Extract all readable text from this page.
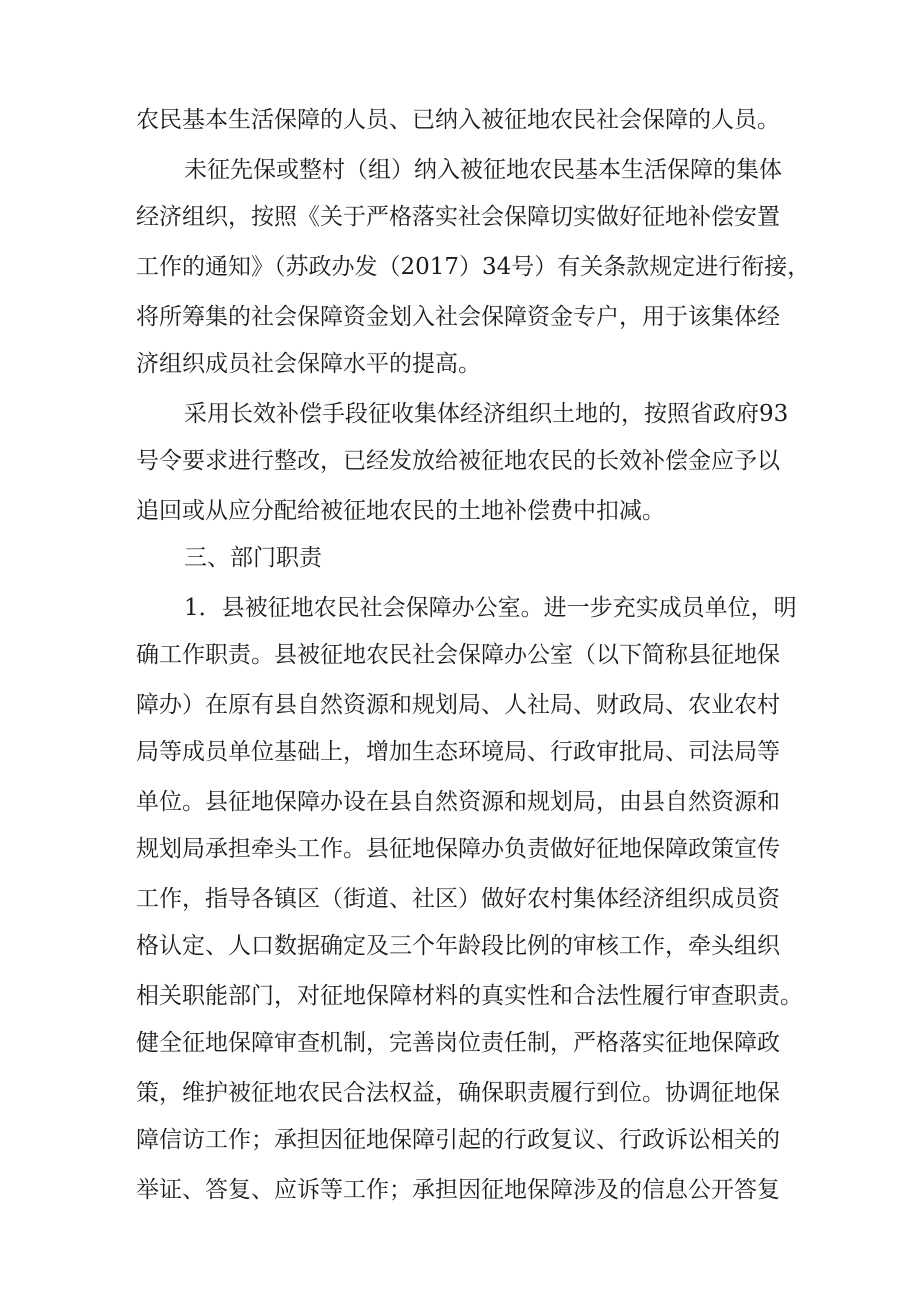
农民基本生活保障的人员、已纳入被征地农民社会保障的人员。
未征先保或整村（组）纳入被征地农民基本生活保障的集体
经济组织，按照《关于严格落实社会保障切实做好征地补偿安置
工作的通知》（苏政办发（2017）34号）有关条款规定进行衔接，
将所筹集的社会保障资金划入社会保障资金专户，用于该集体经
济组织成员社会保障水平的提高。
采用长效补偿手段征收集体经济组织土地的，按照省政府93
号令要求进行整改，已经发放给被征地农民的长效补偿金应予以
追回或从应分配给被征地农民的土地补偿费中扣减。
三、部门职责
1．县被征地农民社会保障办公室。进一步充实成员单位，明
确工作职责。县被征地农民社会保障办公室（以下简称县征地保
障办）在原有县自然资源和规划局、人社局、财政局、农业农村
局等成员单位基础上，增加生态环境局、行政审批局、司法局等
单位。县征地保障办设在县自然资源和规划局，由县自然资源和
规划局承担牵头工作。县征地保障办负责做好征地保障政策宣传
工作，指导各镇区（街道、社区）做好农村集体经济组织成员资
格认定、人口数据确定及三个年龄段比例的审核工作，牵头组织
相关职能部门，对征地保障材料的真实性和合法性履行审查职责。
健全征地保障审查机制，完善岗位责任制，严格落实征地保障政
策，维护被征地农民合法权益，确保职责履行到位。协调征地保
障信访工作；承担因征地保障引起的行政复议、行政诉讼相关的
举证、答复、应诉等工作；承担因征地保障涉及的信息公开答复
